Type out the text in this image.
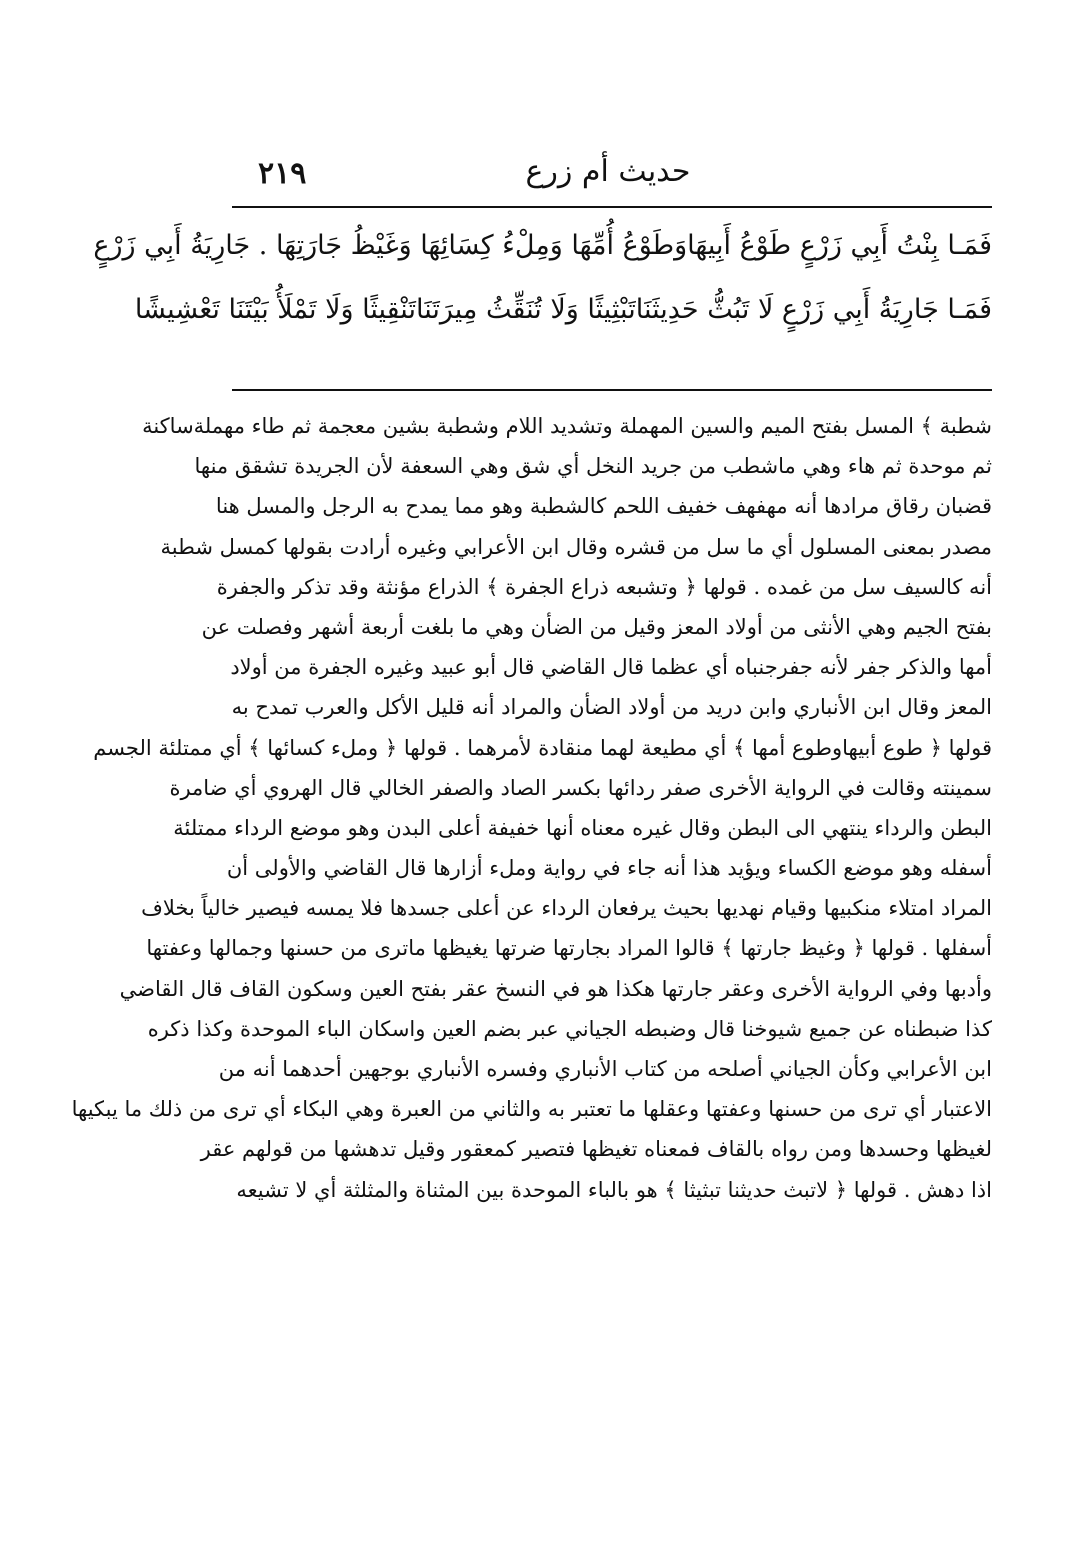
٢١٩	حديث أم زرع
فَمَـا بِنْتُ أَبِي زَرْعٍ طَوْعُ أَبِيهَاوَطَوْعُ أُمِّهَا وَمِلْءُ كِسَائِهَا وَغَيْظُ جَارَتِهَا . جَارِيَةُ أَبِي زَرْعٍ
فَمَـا جَارِيَةُ أَبِي زَرْعٍ لَا تَبُثُّ حَدِيثَنَاتَبْثِيثًا وَلَا تُنَقِّثُ مِيرَتَنَاتَنْقِيثًا وَلَا تَمْلَأُ بَيْتَنَا تَعْشِيشًا
شطبة ﴾ المسل بفتح الميم والسين المهملة وتشديد اللام وشطبة بشين معجمة ثم طاء مهملةساكنة
ثم موحدة ثم هاء وهي ماشطب من جريد النخل أي شق وهي السعفة لأن الجريدة تشقق منها
قضبان رقاق مرادها أنه مهفهف خفيف اللحم كالشطبة وهو مما يمدح به الرجل والمسل هنا
مصدر بمعنى المسلول أي ما سل من قشره وقال ابن الأعرابي وغيره أرادت بقولها كمسل شطبة
أنه كالسيف سل من غمده . قولها ﴿ وتشبعه ذراع الجفرة ﴾ الذراع مؤنثة وقد تذكر والجفرة
بفتح الجيم وهي الأنثى من أولاد المعز وقيل من الضأن وهي ما بلغت أربعة أشهر وفصلت عن
أمها والذكر جفر لأنه جفرجنباه أي عظما قال القاضي قال أبو عبيد وغيره الجفرة من أولاد
المعز وقال ابن الأنباري وابن دريد من أولاد الضأن والمراد أنه قليل الأكل والعرب تمدح به
قولها ﴿ طوع أبيهاوطوع أمها ﴾ أي مطيعة لهما منقادة لأمرهما . قولها ﴿ وملء كسائها ﴾ أي ممتلئة الجسم
سمينته وقالت في الرواية الأخرى صفر ردائها بكسر الصاد والصفر الخالي قال الهروي أي ضامرة
البطن والرداء ينتهي الى البطن وقال غيره معناه أنها خفيفة أعلى البدن وهو موضع الرداء ممتلئة
أسفله وهو موضع الكساء ويؤيد هذا أنه جاء في رواية وملء أزارها قال القاضي والأولى أن
المراد امتلاء منكبيها وقيام نهديها بحيث يرفعان الرداء عن أعلى جسدها فلا يمسه فيصير خالياً بخلاف
أسفلها . قولها ﴿ وغيظ جارتها ﴾ قالوا المراد بجارتها ضرتها يغيظها ماترى من حسنها وجمالها وعفتها
وأدبها وفي الرواية الأخرى وعقر جارتها هكذا هو في النسخ عقر بفتح العين وسكون القاف قال القاضي
كذا ضبطناه عن جميع شيوخنا قال وضبطه الجياني عبر بضم العين واسكان الباء الموحدة وكذا ذكره
ابن الأعرابي وكأن الجياني أصلحه من كتاب الأنباري وفسره الأنباري بوجهين أحدهما أنه من
الاعتبار أي ترى من حسنها وعفتها وعقلها ما تعتبر به والثاني من العبرة وهي البكاء أي ترى من ذلك ما يبكيها
لغيظها وحسدها ومن رواه بالقاف فمعناه تغيظها فتصير كمعقور وقيل تدهشها من قولهم عقر
اذا دهش . قولها ﴿ لاتبث حديثنا تبثيثا ﴾ هو بالباء الموحدة بين المثناة والمثلثة أي لا تشيعه
